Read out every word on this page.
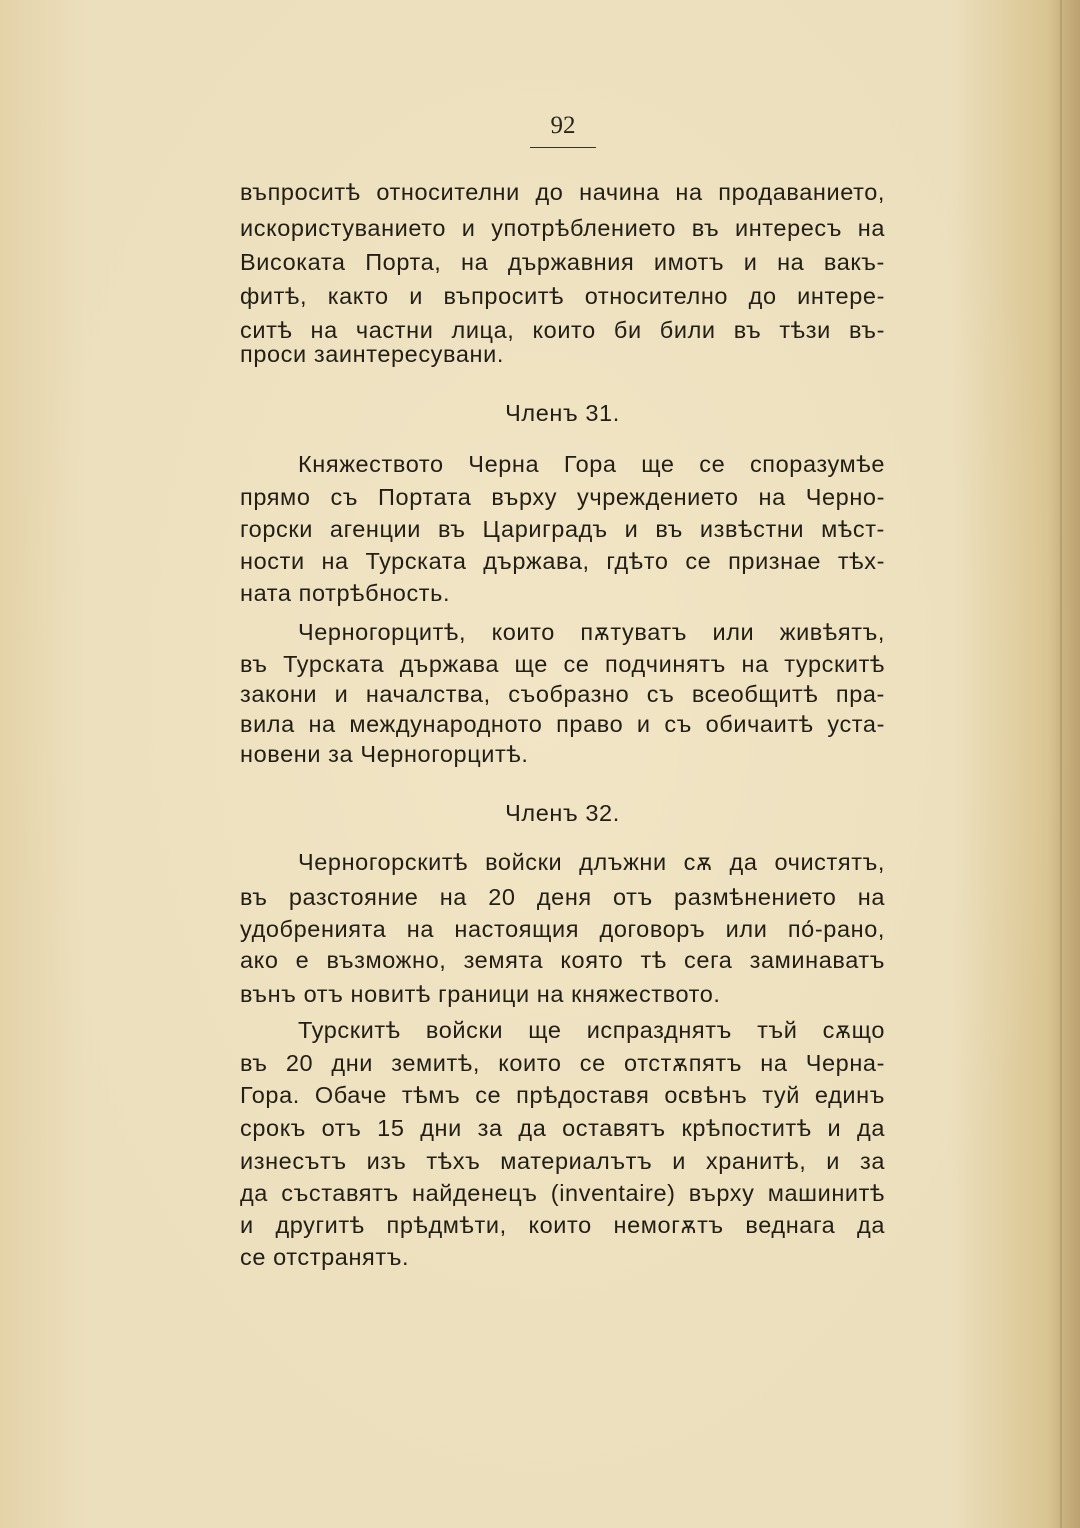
92
въпроситѣ относителни до начина на продаванието,
искористуванието и употрѣблението въ интересъ на
Високата Порта, на държавния имотъ и на вакъ-
фитѣ, както и въпроситѣ относително до интере-
ситѣ на частни лица, които би били въ тѣзи въ-
проси заинтересувани.
Членъ 31.
Княжеството Черна Гора ще се споразумѣе
прямо съ Портата върху учреждението на Черно-
горски агенции въ Цариградъ и въ извѣстни мѣст-
ности на Турската държава, гдѣто се признае тѣх-
ната потрѣбность.
Черногорцитѣ, които пѫтуватъ или живѣятъ,
въ Турската държава ще се подчинятъ на турскитѣ
закони и началства, съобразно съ всеобщитѣ пра-
вила на международното право и съ обичаитѣ уста-
новени за Черногорцитѣ.
Членъ 32.
Черногорскитѣ войски длъжни сѫ да очистятъ,
въ разстояние на 20 деня отъ размѣнението на
удобренията на настоящия договоръ или по́-рано,
ако е възможно, земята която тѣ сега заминаватъ
вънъ отъ новитѣ граници на княжеството.
Турскитѣ войски ще испразднятъ тъй сѫщо
въ 20 дни земитѣ, които се отстѫпятъ на Черна-
Гора. Обаче тѣмъ се прѣдоставя освѣнъ туй единъ
срокъ отъ 15 дни за да оставятъ крѣпоститѣ и да
изнесътъ изъ тѣхъ материалътъ и хранитѣ, и за
да съставятъ найденецъ (inventaire) върху машинитѣ
и другитѣ прѣдмѣти, които немогѫтъ веднага да
се отстранятъ.
